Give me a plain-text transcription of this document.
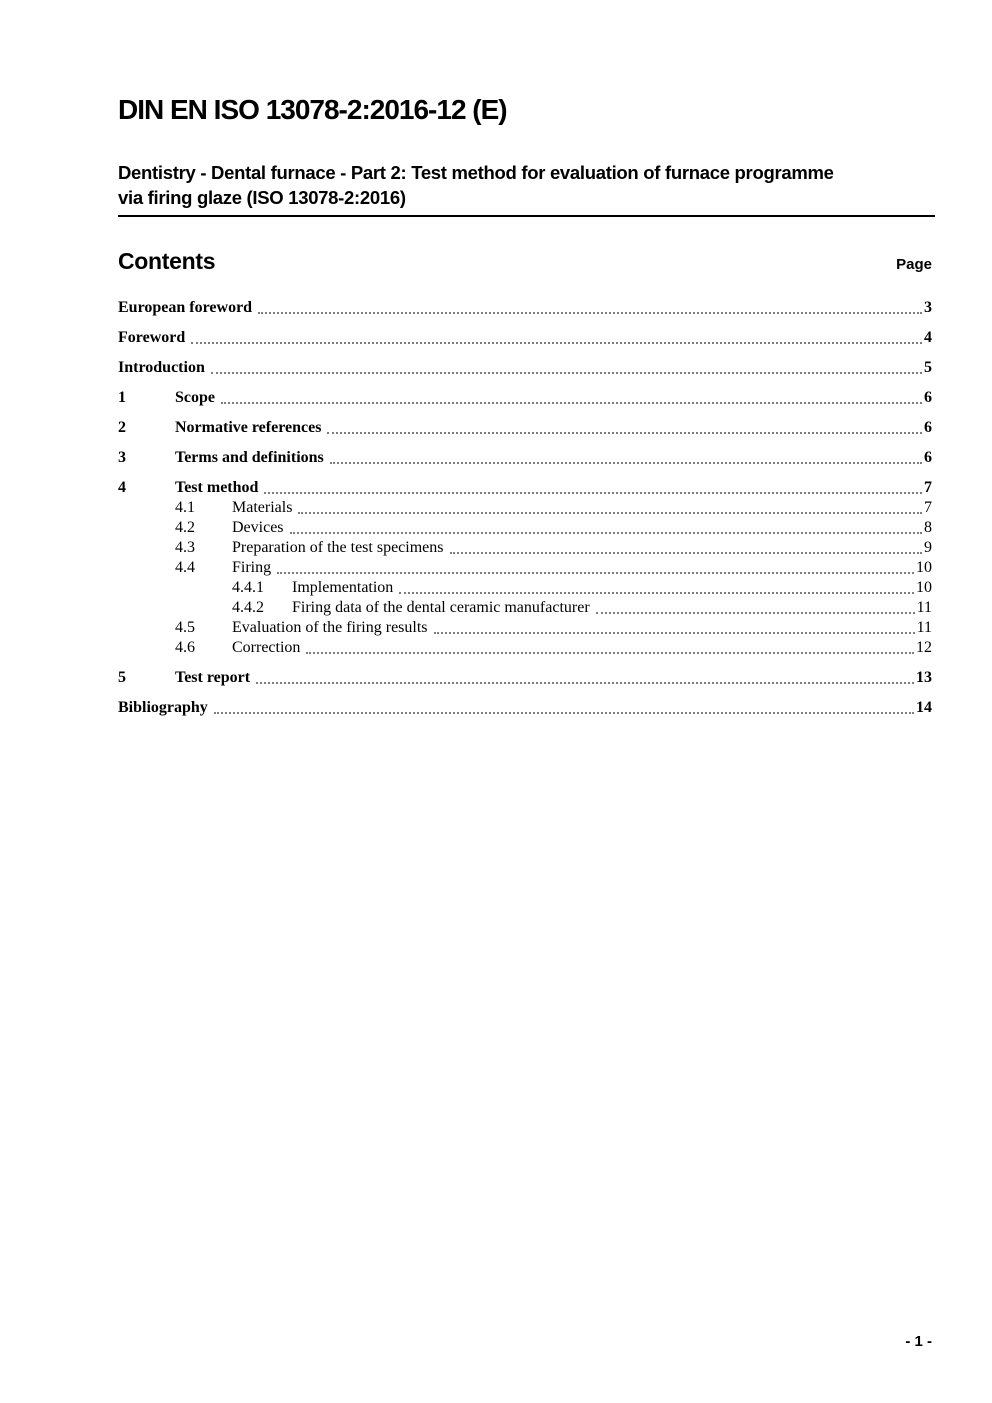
DIN EN ISO 13078-2:2016-12 (E)
Dentistry - Dental furnace - Part 2: Test method for evaluation of furnace programme
via firing glaze (ISO 13078-2:2016)
Contents	Page
European foreword	3
Foreword	4
Introduction	5
1	Scope	6
2	Normative references	6
3	Terms and definitions	6
4	Test method	7
4.1	Materials	7
4.2	Devices	8
4.3	Preparation of the test specimens	9
4.4	Firing	10
4.4.1	Implementation	10
4.4.2	Firing data of the dental ceramic manufacturer	11
4.5	Evaluation of the firing results	11
4.6	Correction	12
5	Test report	13
Bibliography	14
- 1 -
